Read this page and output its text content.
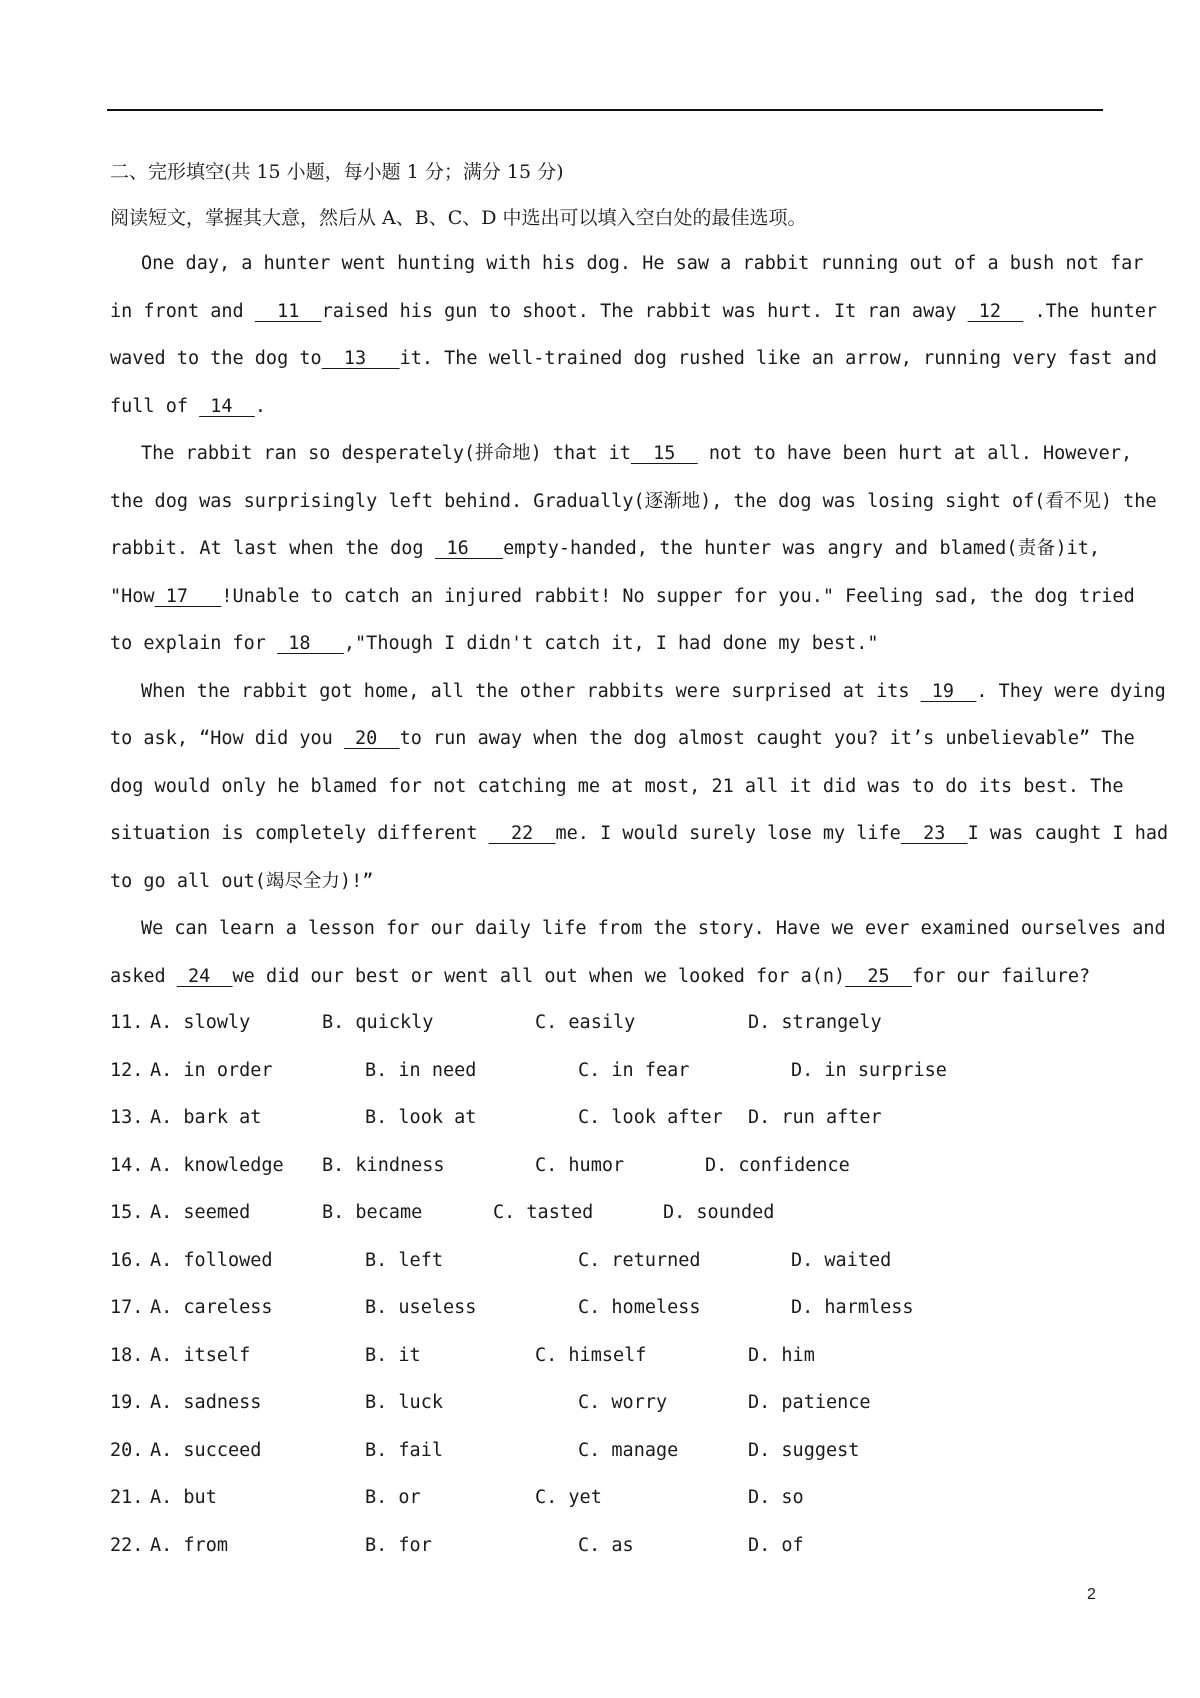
二、完形填空(共 15 小题，每小题 1 分；满分 15 分)
阅读短文，掌握其大意，然后从 A、B、C、D 中选出可以填入空白处的最佳选项。
One day, a hunter went hunting with his dog. He saw a rabbit running out of a bush not far
in front and   11  raised his gun to shoot. The rabbit was hurt. It ran away  12   .The hunter
waved to the dog to  13   it. The well-trained dog rushed like an arrow, running very fast and
full of  14  .
The rabbit ran so desperately(拼命地) that it  15   not to have been hurt at all. However,
the dog was surprisingly left behind. Gradually(逐渐地), the dog was losing sight of(看不见) the
rabbit. At last when the dog  16   empty-handed, the hunter was angry and blamed(责备)it,
"How 17   !Unable to catch an injured rabbit! No supper for you." Feeling sad, the dog tried
to explain for  18   ,"Though I didn't catch it, I had done my best."
When the rabbit got home, all the other rabbits were surprised at its  19  . They were dying
to ask, “How did you  20  to run away when the dog almost caught you? it’s unbelievable” The
dog would only he blamed for not catching me at most, 21 all it did was to do its best. The
situation is completely different   22  me. I would surely lose my life  23  I was caught I had
to go all out(竭尽全力)!”
We can learn a lesson for our daily life from the story. Have we ever examined ourselves and
asked  24  we did our best or went all out when we looked for a(n)  25  for our failure?
11. A. slowly	B. quickly	C. easily	D. strangely
12. A. in order	B. in need	C. in fear	D. in surprise
13. A. bark at	B. look at	C. look after D. run after
14. A. knowledge B. kindness	C. humor	D. confidence
15. A. seemed	B. became	C. tasted	D. sounded
16. A. followed	B. left	C. returned	D. waited
17. A. careless	B. useless	C. homeless	D. harmless
18. A. itself	B. it	C. himself	D. him
19. A. sadness	B. luck	C. worry	D. patience
20. A. succeed	B. fail	C. manage	D. suggest
21. A. but	B. or	C. yet	D. so
22. A. from	B. for	C. as	D. of
2
